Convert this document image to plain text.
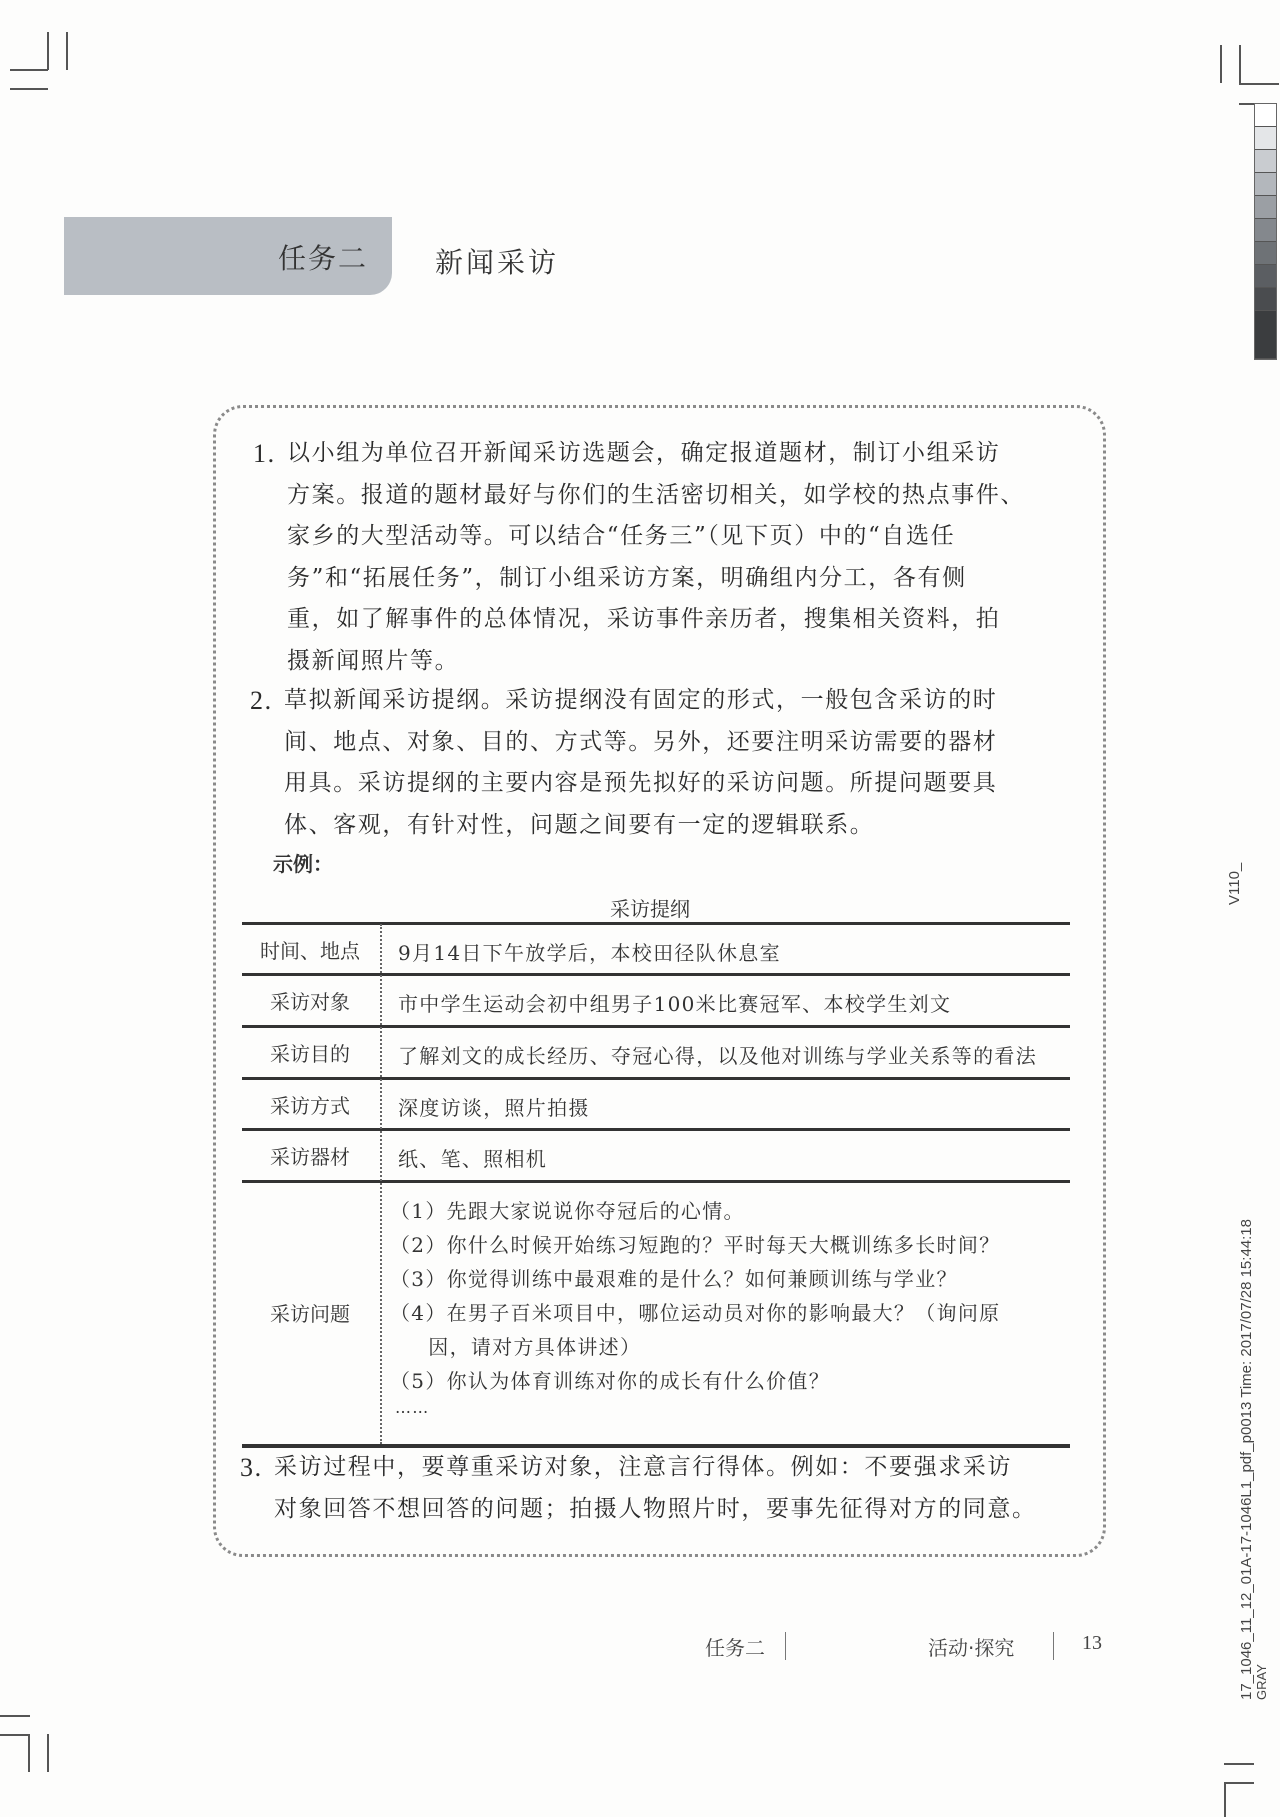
任务二 新闻采访
1. 以小组为单位召开新闻采访选题会，确定报道题材，制订小组采访
方案。报道的题材最好与你们的生活密切相关，如学校的热点事件、
家乡的大型活动等。可以结合“任务三”（见下页）中的“自选任
务”和“拓展任务”，制订小组采访方案，明确组内分工，各有侧
重，如了解事件的总体情况，采访事件亲历者，搜集相关资料，拍
摄新闻照片等。
2. 草拟新闻采访提纲。采访提纲没有固定的形式，一般包含采访的时
间、地点、对象、目的、方式等。另外，还要注明采访需要的器材
用具。采访提纲的主要内容是预先拟好的采访问题。所提问题要具
体、客观，有针对性，问题之间要有一定的逻辑联系。
示例：
采访提纲
时间、地点	9月14日下午放学后，本校田径队休息室
采访对象	市中学生运动会初中组男子100米比赛冠军、本校学生刘文
采访目的	了解刘文的成长经历、夺冠心得，以及他对训练与学业关系等的看法
采访方式	深度访谈，照片拍摄
采访器材	纸、笔、照相机
采访问题
（1）先跟大家说说你夺冠后的心情。
（2）你什么时候开始练习短跑的？平时每天大概训练多长时间？
（3）你觉得训练中最艰难的是什么？如何兼顾训练与学业？
（4）在男子百米项目中，哪位运动员对你的影响最大？（询问原
因，请对方具体讲述）
（5）你认为体育训练对你的成长有什么价值？
……
3. 采访过程中，要尊重采访对象，注意言行得体。例如：不要强求采访
对象回答不想回答的问题；拍摄人物照片时，要事先征得对方的同意。
任务二	活动·探究	13
V110_
17_1046_11_12_01A-17-1046L1_pdf_p0013 Time: 2017/07/28 15:44:18 GRAY
